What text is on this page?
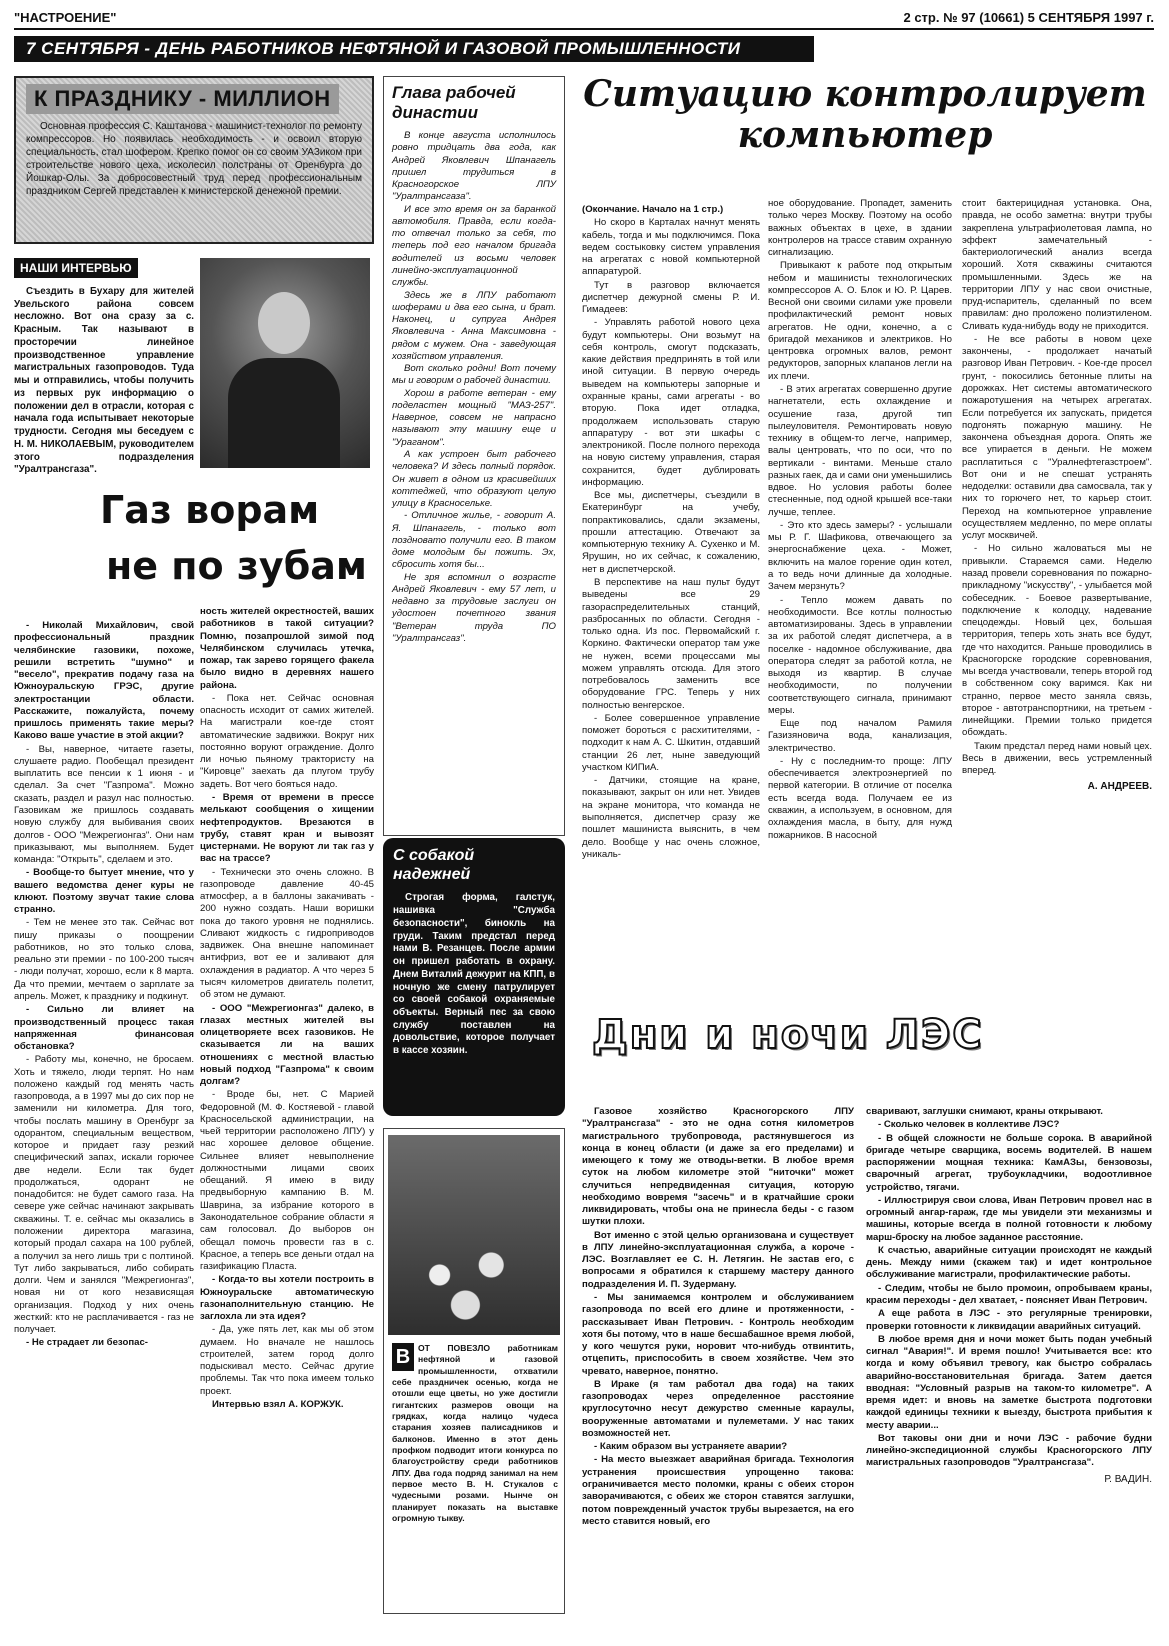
"НАСТРОЕНИЕ"	2 стр. № 97 (10661) 5 СЕНТЯБРЯ 1997 г.
7 СЕНТЯБРЯ - ДЕНЬ РАБОТНИКОВ НЕФТЯНОЙ И ГАЗОВОЙ ПРОМЫШЛЕННОСТИ
К ПРАЗДНИКУ - МИЛЛИОН
Основная профессия С. Каштанова - машинист-технолог по ремонту компрессоров. Но появилась необходимость - и освоил вторую специальность, стал шофером. Крепко помог он со своим УАЗиком при строительстве нового цеха, исколесил полстраны от Оренбурга до Йошкар-Олы. За добросовестный труд перед профессиональным праздником Сергей представлен к министерской денежной премии.
НАШИ ИНТЕРВЬЮ
Съездить в Бухару для жителей Увельского района совсем несложно. Вот она сразу за с. Красным. Так называют в просторечии линейное производственное управление магистральных газопроводов. Туда мы и отправились, чтобы получить из первых рук информацию о положении дел в отрасли, которая с начала года испытывает некоторые трудности. Сегодня мы беседуем с Н. М. НИКОЛАЕВЫМ, руководителем этого подразделения "Уралтрансгаза".
Газ ворам
не по зубам

- Николай Михайлович, свой профессиональный праздник челябинские газовики, похоже, решили встретить "шумно" и "весело", прекратив подачу газа на Южноуральскую ГРЭС, другие электростанции области. Расскажите, пожалуйста, почему пришлось применять такие меры? Каково ваше участие в этой акции?

- Вы, наверное, читаете газеты, слушаете радио. Пообещал президент выплатить все пенсии к 1 июня - и сделал. За счет "Газпрома". Можно сказать, раздел и разул нас полностью. Газовикам же пришлось создавать новую службу для выбивания своих долгов - ООО "Межрегионгаз". Они нам приказывают, мы выполняем. Будет команда: "Открыть", сделаем и это.

- Вообще-то бытует мнение, что у вашего ведомства денег куры не клюют. Поэтому звучат такие слова странно.

- Тем не менее это так. Сейчас вот пишу приказы о поощрении работников, но это только слова, реально эти премии - по 100-200 тысяч - люди получат, хорошо, если к 8 марта. Да что премии, мечтаем о зарплате за апрель. Может, к празднику и подкинут.

- Сильно ли влияет на производственный процесс такая напряженная финансовая обстановка?

- Работу мы, конечно, не бросаем. Хоть и тяжело, люди терпят. Но нам положено каждый год менять часть газопровода, а в 1997 мы до сих пор не заменили ни километра. Для того, чтобы послать машину в Оренбург за одорантом, специальным веществом, которое и придает газу резкий специфический запах, искали горючее две недели. Если так будет продолжаться, одорант не понадобится: не будет самого газа. На севере уже сейчас начинают закрывать скважины. Т. е. сейчас мы оказались в положении директора магазина, который продал сахара на 100 рублей, а получил за него лишь три с полтиной. Тут либо закрываться, либо собирать долги. Чем и занялся "Межрегионгаз", новая ни от кого независящая организация. Подход у них очень жесткий: кто не расплачивается - газ не получает.

- Не страдает ли безопас-

ность жителей окрестностей, ваших работников в такой ситуации? Помню, позапрошлой зимой под Челябинском случилась утечка, пожар, так зарево горящего факела было видно в деревнях нашего района.

- Пока нет. Сейчас основная опасность исходит от самих жителей. На магистрали кое-где стоят автоматические задвижки. Вокруг них постоянно воруют ограждение. Долго ли ночью пьяному трактористу на "Кировце" заехать да плугом трубу задеть. Вот чего бояться надо.

- Время от времени в прессе мелькают сообщения о хищении нефтепродуктов. Врезаются в трубу, ставят кран и вывозят цистернами. Не воруют ли так газ у вас на трассе?

- Технически это очень сложно. В газопроводе давление 40-45 атмосфер, а в баллоны закачивать - 200 нужно создать. Наши воришки пока до такого уровня не поднялись. Сливают жидкость с гидроприводов задвижек. Она внешне напоминает антифриз, вот ее и заливают для охлаждения в радиатор. А что через 5 тысяч километров двигатель полетит, об этом не думают.

- ООО "Межрегионгаз" далеко, в глазах местных жителей вы олицетворяете всех газовиков. Не сказывается ли на ваших отношениях с местной властью новый подход "Газпрома" к своим долгам?

- Вроде бы, нет. С Марией Федоровной (М. Ф. Костяевой - главой Красносельской администрации, на чьей территории расположено ЛПУ) у нас хорошее деловое общение. Сильнее влияет невыполнение должностными лицами своих обещаний. Я имею в виду предвыборную кампанию В. М. Шаврина, за избрание которого в Законодательное собрание области я сам голосовал. До выборов он обещал помочь провести газ в с. Красное, а теперь все деньги отдал на газификацию Пласта.

- Когда-то вы хотели построить в Южноуральске автоматическую газонаполнительную станцию. Не заглохла ли эта идея?

- Да, уже пять лет, как мы об этом думаем. Но вначале не нашлось строителей, затем город долго подыскивал место. Сейчас другие проблемы. Так что пока имеем только проект.

Интервью взял А. КОРЖУК.

Глава рабочей династии

В конце августа исполнилось ровно тридцать два года, как Андрей Яковлевич Шпанагель пришел трудиться в Красногорское ЛПУ "Уралтрансгаза".

И все это время он за баранкой автомобиля. Правда, если когда-то отвечал только за себя, то теперь под его началом бригада водителей из восьми человек линейно-эксплуатационной службы.

Здесь же в ЛПУ работают шоферами и два его сына, и брат. Наконец, и супруга Андрея Яковлевича - Анна Максимовна - рядом с мужем. Она - заведующая хозяйством управления.

Вот сколько родни! Вот почему мы и говорим о рабочей династии.

Хорош в работе ветеран - ему поделастен мощный "МАЗ-257". Наверное, совсем не напрасно называют эту машину еще и "Ураганом".

А как устроен быт рабочего человека? И здесь полный порядок. Он живет в одном из красивейших коттеджей, что образуют целую улицу в Красносельке.

- Отличное жилье, - говорит А. Я. Шпанагель, - только вот поздновато получили его. В таком доме молодым бы пожить. Эх, сбросить хотя бы...

Не зря вспомнил о возрасте Андрей Яковлевич - ему 57 лет, и недавно за трудовые заслуги он удостоен почетного звания "Ветеран труда ПО "Уралтрансгаз".

С собакой надежней

Строгая форма, галстук, нашивка "Служба безопасности", бинокль на груди. Таким предстал перед нами В. Резанцев. После армии он пришел работать в охрану. Днем Виталий дежурит на КПП, в ночную же смену патрулирует со своей собакой охраняемые объекты. Верный пес за свою службу поставлен на довольствие, которое получает в кассе хозяин.

В ОТ ПОВЕЗЛО работникам нефтяной и газовой промышленности, отхватили себе праздничек осенью, когда не отошли еще цветы, но уже достигли гигантских размеров овощи на грядках, когда налицо чудеса старания хозяев палисадников и балконов. Именно в этот день профком подводит итоги конкурса по благоустройству среди работников ЛПУ. Два года подряд занимал на нем первое место В. Н. Стукалов с чудесными розами. Нынче он планирует показать на выставке огромную тыкву.
Ситуацию контролирует компьютер

(Окончание. Начало на 1 стр.)

Но скоро в Карталах начнут менять кабель, тогда и мы подключимся. Пока ведем состыковку систем управления на агрегатах с новой компьютерной аппаратурой.

Тут в разговор включается диспетчер дежурной смены Р. И. Гимадеев:

- Управлять работой нового цеха будут компьютеры. Они возьмут на себя контроль, смогут подсказать, какие действия предпринять в той или иной ситуации. В первую очередь выведем на компьютеры запорные и охранные краны, сами агрегаты - во вторую. Пока идет отладка, продолжаем использовать старую аппаратуру - вот эти шкафы с электроникой. После полного перехода на новую систему управления, старая сохранится, будет дублировать информацию.

Все мы, диспетчеры, съездили в Екатеринбург на учебу, попрактиковались, сдали экзамены, прошли аттестацию. Отвечают за компьютерную технику А. Сухенко и М. Ярушин, но их сейчас, к сожалению, нет в диспетчерской.

В перспективе на наш пульт будут выведены все 29 газораспределительных станций, разбросанных по области. Сегодня - только одна. Из пос. Первомайский г. Коркино. Фактически оператор там уже не нужен, всеми процессами мы можем управлять отсюда. Для этого потребовалось заменить все оборудование ГРС. Теперь у них полностью венгерское.

- Более совершенное управление поможет бороться с расхитителями, - подходит к нам А. С. Шкитин, отдавший станции 26 лет, ныне заведующий участком КИПиА.

- Датчики, стоящие на кране, показывают, закрыт он или нет. Увидев на экране монитора, что команда не выполняется, диспетчер сразу же пошлет машиниста выяснить, в чем дело. Вообще у нас очень сложное, уникаль-

ное оборудование. Пропадет, заменить только через Москву. Поэтому на особо важных объектах в цехе, в здании контролеров на трассе ставим охранную сигнализацию.

Привыкают к работе под открытым небом и машинисты технологических компрессоров А. О. Блок и Ю. Р. Царев. Весной они своими силами уже провели профилактический ремонт новых агрегатов. Не одни, конечно, а с бригадой механиков и электриков. Но центровка огромных валов, ремонт редукторов, запорных клапанов легли на их плечи.

- В этих агрегатах совершенно другие нагнетатели, есть охлаждение и осушение газа, другой тип пылеуловителя. Ремонтировать новую технику в общем-то легче, например, валы центровать, что по оси, что по вертикали - винтами. Меньше стало разных гаек, да и сами они уменьшились вдвое. Но условия работы более стесненные, под одной крышей все-таки лучше, теплее.

- Это кто здесь замеры? - услышали мы Р. Г. Шафикова, отвечающего за энергоснабжение цеха. - Может, включить на малое горение один котел, а то ведь ночи длинные да холодные. Зачем мерзнуть?

- Тепло можем давать по необходимости. Все котлы полностью автоматизированы. Здесь в управлении за их работой следят диспетчера, а в поселке - надомное обслуживание, два оператора следят за работой котла, не выходя из квартир. В случае необходимости, по получении соответствующего сигнала, принимают меры.

Еще под началом Рамиля Газизяновича вода, канализация, электричество.

- Ну с последним-то проще: ЛПУ обеспечивается электроэнергией по первой категории. В отличие от поселка есть всегда вода. Получаем ее из скважин, а используем, в основном, для охлаждения масла, в быту, для нужд пожарников. В насосной

стоит бактерицидная установка. Она, правда, не особо заметна: внутри трубы закреплена ультрафиолетовая лампа, но эффект замечательный - бактериологический анализ всегда хороший. Хотя скважины считаются промышленными. Здесь же на территории ЛПУ у нас свои очистные, пруд-испаритель, сделанный по всем правилам: дно проложено полиэтиленом. Сливать куда-нибудь воду не приходится.

- Не все работы в новом цехе закончены, - продолжает начатый разговор Иван Петрович. - Кое-где просел грунт, - покосились бетонные плиты на дорожках. Нет системы автоматического пожаротушения на четырех агрегатах. Если потребуется их запускать, придется подгонять пожарную машину. Не закончена объездная дорога. Опять же все упирается в деньги. Не можем расплатиться с "Уралнефтегазстроем". Вот они и не спешат устранять недоделки: оставили два самосвала, так у них то горючего нет, то карьер стоит. Переход на компьютерное управление осуществляем медленно, по мере оплаты услуг москвичей.

- Но сильно жаловаться мы не привыкли. Стараемся сами. Неделю назад провели соревнования по пожарно-прикладному "искусству", - улыбается мой собеседник. - Боевое развертывание, подключение к колодцу, надевание спецодежды. Новый цех, большая территория, теперь хоть знать все будут, где что находится. Раньше проводились в Красногорске городские соревнования, мы всегда участвовали, теперь второй год в собственном соку варимся. Как ни странно, первое место заняла связь, второе - автотранспортники, на третьем - линейщики. Премии только придется обождать.

Таким предстал перед нами новый цех. Весь в движении, весь устремленный вперед.

А. АНДРЕЕВ.
Дни и ночи ЛЭС

Газовое хозяйство Красногорского ЛПУ "Уралтрансгаза" - это не одна сотня километров магистрального трубопровода, растянувшегося из конца в конец области (и даже за его пределами) и имеющего к тому же отводы-ветки. В любое время суток на любом километре этой "ниточки" может случиться непредвиденная ситуация, которую необходимо вовремя "засечь" и в кратчайшие сроки ликвидировать, чтобы она не принесла беды - с газом шутки плохи.

Вот именно с этой целью организована и существует в ЛПУ линейно-эксплуатационная служба, а короче - ЛЭС. Возглавляет ее С. Н. Летягин. Не застав его, с вопросами я обратился к старшему мастеру данного подразделения И. П. Зудерману.

- Мы занимаемся контролем и обслуживанием газопровода по всей его длине и протяженности, - рассказывает Иван Петрович. - Контроль необходим хотя бы потому, что в наше бесшабашное время любой, у кого чешутся руки, норовит что-нибудь отвинтить, отцепить, приспособить в своем хозяйстве. Чем это чревато, наверное, понятно.

В Ираке (я там работал два года) на таких газопроводах через определенное расстояние круглосуточно несут дежурство сменные караулы, вооруженные автоматами и пулеметами. У нас таких возможностей нет.

- Каким образом вы устраняете аварии?

- На место выезжает аварийная бригада. Технология устранения происшествия упрощенно такова: ограничивается место поломки, краны с обеих сторон заворачиваются, с обеих же сторон ставятся заглушки, потом поврежденный участок трубы вырезается, на его место ставится новый, его

сваривают, заглушки снимают, краны открывают.

- Сколько человек в коллективе ЛЭС?

- В общей сложности не больше сорока. В аварийной бригаде четыре сварщика, восемь водителей. В нашем распоряжении мощная техника: КамАЗы, бензовозы, сварочный агрегат, трубоукладчики, водоотливное устройство, тягачи.

- Иллюстрируя свои слова, Иван Петрович провел нас в огромный ангар-гараж, где мы увидели эти механизмы и машины, которые всегда в полной готовности к любому марш-броску на любое заданное расстояние.

К счастью, аварийные ситуации происходят не каждый день. Между ними (скажем так) и идет контрольное обслуживание магистрали, профилактические работы.

- Следим, чтобы не было промоин, опробываем краны, красим переходы - дел хватает, - поясняет Иван Петрович.

А еще работа в ЛЭС - это регулярные тренировки, проверки готовности к ликвидации аварийных ситуаций.

В любое время дня и ночи может быть подан учебный сигнал "Авария!". И время пошло! Учитывается все: кто когда и кому объявил тревогу, как быстро собралась аварийно-восстановительная бригада. Затем дается вводная: "Условный разрыв на таком-то километре". А время идет: и вновь на заметке быстрота подготовки каждой единицы техники к выезду, быстрота прибытия к месту аварии...

Вот таковы они дни и ночи ЛЭС - рабочие будни линейно-экспедиционной службы Красногорского ЛПУ магистральных газопроводов "Уралтрансгаза".

Р. ВАДИН.
